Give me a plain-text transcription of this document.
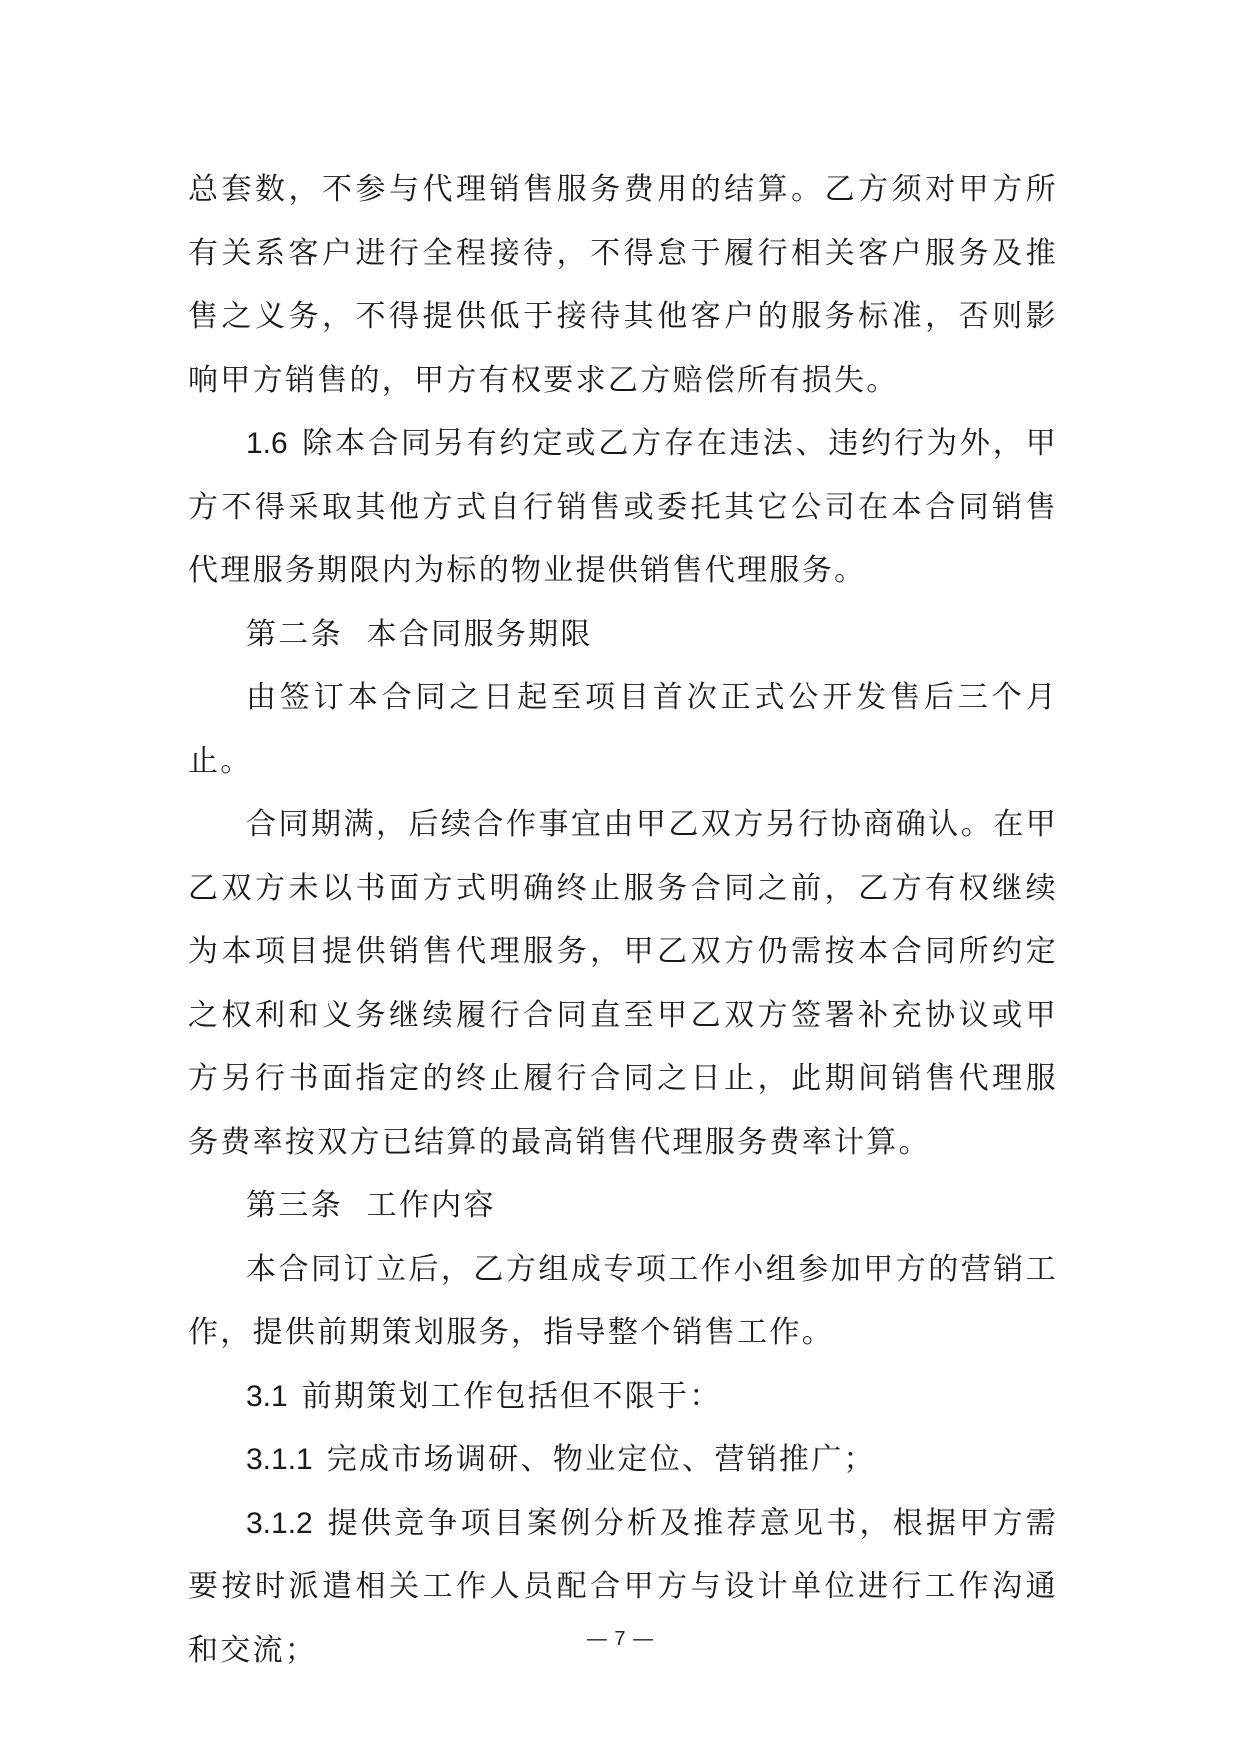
总套数，不参与代理销售服务费用的结算。乙方须对甲方所有关系客户进行全程接待，不得怠于履行相关客户服务及推售之义务，不得提供低于接待其他客户的服务标准，否则影响甲方销售的，甲方有权要求乙方赔偿所有损失。

1.6 除本合同另有约定或乙方存在违法、违约行为外，甲方不得采取其他方式自行销售或委托其它公司在本合同销售代理服务期限内为标的物业提供销售代理服务。

第二条  本合同服务期限

由签订本合同之日起至项目首次正式公开发售后三个月止。

合同期满，后续合作事宜由甲乙双方另行协商确认。在甲乙双方未以书面方式明确终止服务合同之前，乙方有权继续为本项目提供销售代理服务，甲乙双方仍需按本合同所约定之权利和义务继续履行合同直至甲乙双方签署补充协议或甲方另行书面指定的终止履行合同之日止，此期间销售代理服务费率按双方已结算的最高销售代理服务费率计算。

第三条  工作内容

本合同订立后，乙方组成专项工作小组参加甲方的营销工作，提供前期策划服务，指导整个销售工作。

3.1 前期策划工作包括但不限于：

3.1.1 完成市场调研、物业定位、营销推广；

3.1.2 提供竞争项目案例分析及推荐意见书，根据甲方需要按时派遣相关工作人员配合甲方与设计单位进行工作沟通和交流；	— 7 —
